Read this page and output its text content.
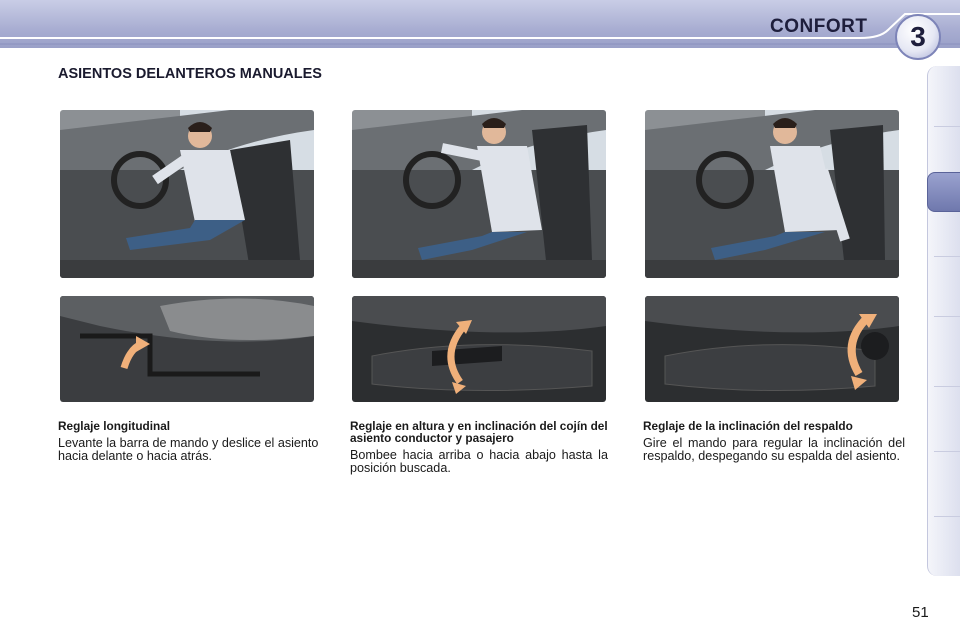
CONFORT	3
ASIENTOS DELANTEROS MANUALES

Reglaje longitudinal

Levante la barra de mando y deslice el asiento hacia delante o hacia atrás.

Reglaje en altura y en inclinación del cojín del asiento conductor y pasajero

Bombee hacia arriba o hacia abajo hasta la posición buscada.

Reglaje de la inclinación del respaldo

Gire el mando para regular la inclinación del respaldo, despegando su espalda del asiento.

51
